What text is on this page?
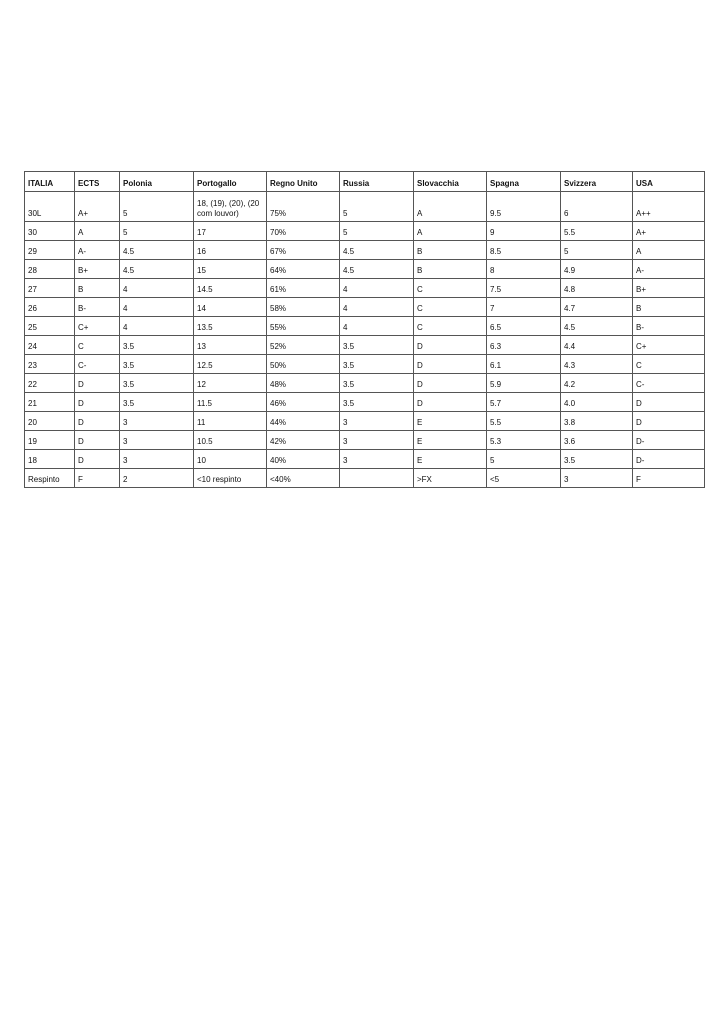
ITALIA	ECTS	Polonia	Portogallo	Regno Unito	Russia	Slovacchia	Spagna	Svizzera	USA
30L	A+	5	18, (19), (20), (20 com louvor)	75%	5	A	9.5	6	A++
30	A	5	17	70%	5	A	9	5.5	A+
29	A-	4.5	16	67%	4.5	B	8.5	5	A
28	B+	4.5	15	64%	4.5	B	8	4.9	A-
27	B	4	14.5	61%	4	C	7.5	4.8	B+
26	B-	4	14	58%	4	C	7	4.7	B
25	C+	4	13.5	55%	4	C	6.5	4.5	B-
24	C	3.5	13	52%	3.5	D	6.3	4.4	C+
23	C-	3.5	12.5	50%	3.5	D	6.1	4.3	C
22	D	3.5	12	48%	3.5	D	5.9	4.2	C-
21	D	3.5	11.5	46%	3.5	D	5.7	4.0	D
20	D	3	11	44%	3	E	5.5	3.8	D
19	D	3	10.5	42%	3	E	5.3	3.6	D-
18	D	3	10	40%	3	E	5	3.5	D-
Respinto	F	2	<10 respinto	<40%		>FX	<5	3	F
